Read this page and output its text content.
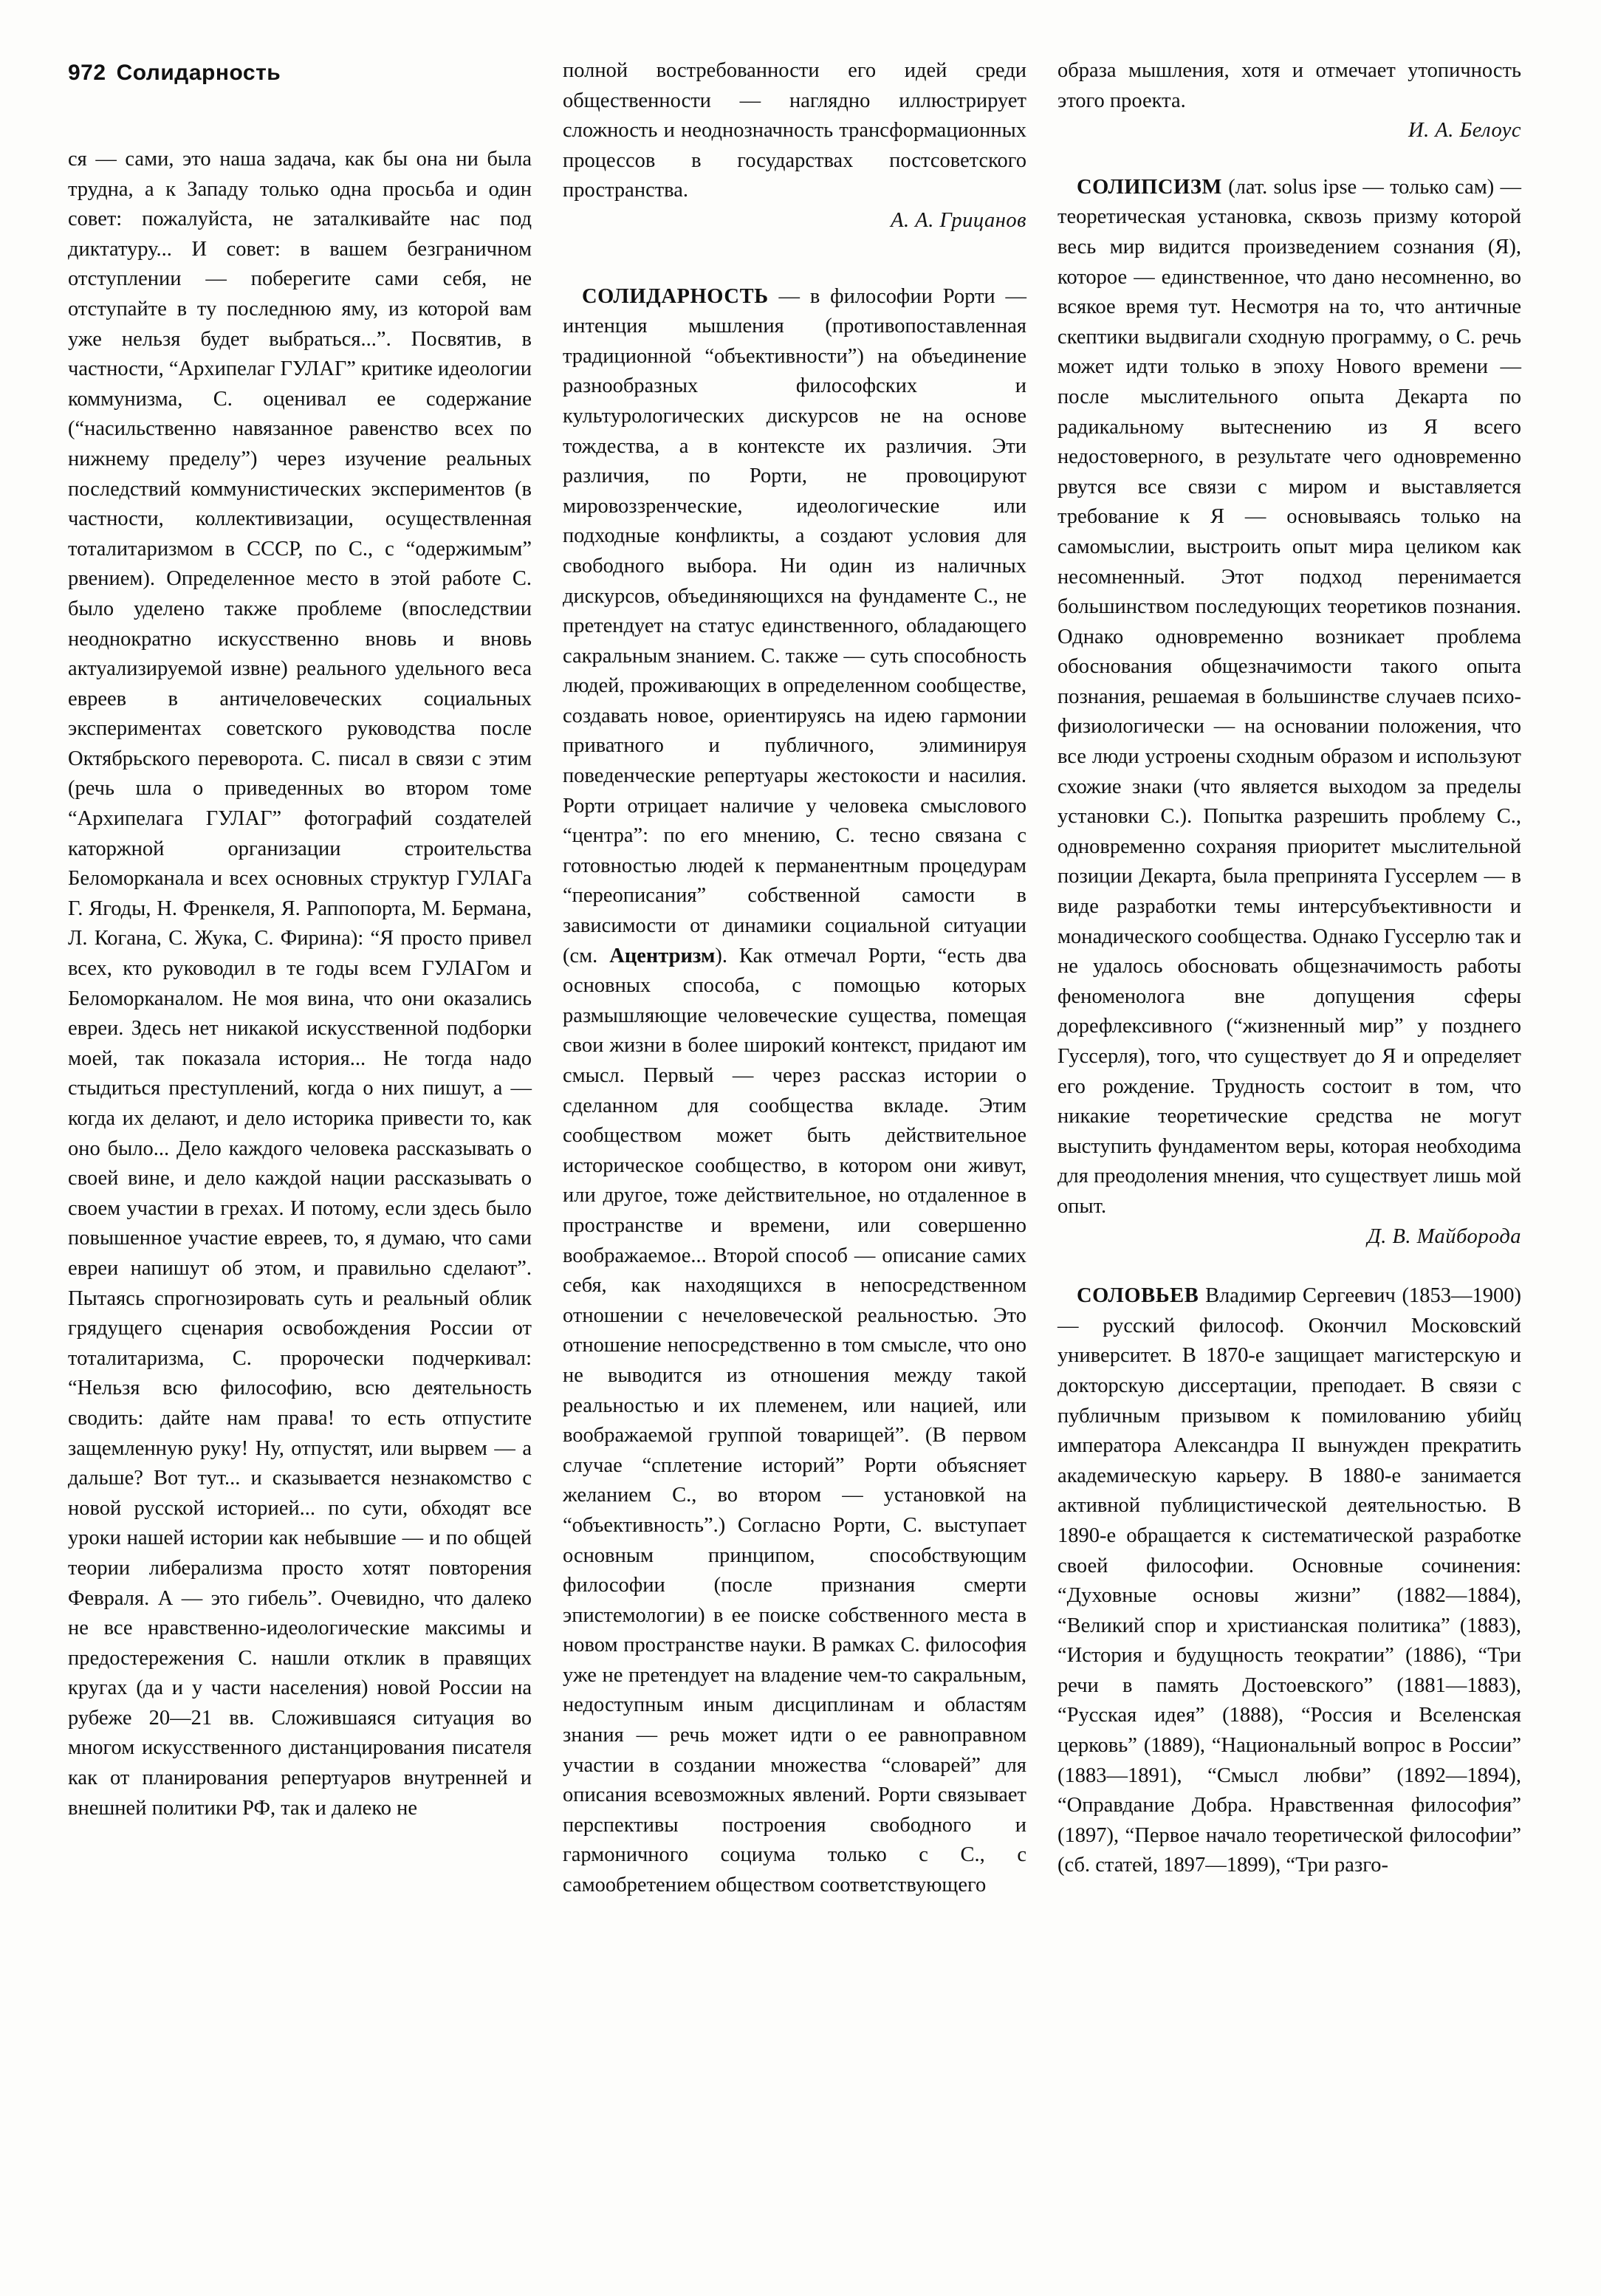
972 Солидарность

ся — сами, это наша задача, как бы она ни была трудна, а к Западу только одна просьба и один совет: пожалуйста, не заталкивайте нас под диктатуру... И совет: в вашем безграничном отступлении — поберегите сами себя, не отступайте в ту последнюю яму, из которой вам уже нельзя будет выбраться...”. Посвятив, в частности, “Архипелаг ГУЛАГ” критике идеологии коммунизма, С. оценивал ее содержание (“насильственно навязанное равенство всех по нижнему пределу”) через изучение реальных последствий коммунистических экспериментов (в частности, коллективизации, осуществленная тоталитаризмом в СССР, по С., с “одержимым” рвением). Определенное место в этой работе С. было уделено также проблеме (впоследствии неоднократно искусственно вновь и вновь актуализируемой извне) реального удельного веса евреев в античеловеческих социальных экспериментах советского руководства после Октябрьского переворота. С. писал в связи с этим (речь шла о приведенных во втором томе “Архипелага ГУЛАГ” фотографий создателей каторжной организации строительства Беломорканала и всех основных структур ГУЛАГа Г. Ягоды, Н. Френкеля, Я. Раппопорта, М. Бермана, Л. Когана, С. Жука, С. Фирина): “Я просто привел всех, кто руководил в те годы всем ГУЛАГом и Беломорканалом. Не моя вина, что они оказались евреи. Здесь нет никакой искусственной подборки моей, так показала история... Не тогда надо стыдиться преступлений, когда о них пишут, а — когда их делают, и дело историка привести то, как оно было... Дело каждого человека рассказывать о своей вине, и дело каждой нации рассказывать о своем участии в грехах. И потому, если здесь было повышенное участие евреев, то, я думаю, что сами евреи напишут об этом, и правильно сделают”. Пытаясь спрогнозировать суть и реальный облик грядущего сценария освобождения России от тоталитаризма, С. пророчески подчеркивал: “Нельзя всю философию, всю деятельность сводить: дайте нам права! то есть отпустите защемленную руку! Ну, отпустят, или вырвем — а дальше? Вот тут... и сказывается незнакомство с новой русской историей... по сути, обходят все уроки нашей истории как небывшие — и по общей теории либерализма просто хотят повторения Февраля. А — это гибель”. Очевидно, что далеко не все нравственно-идеологические максимы и предостережения С. нашли отклик в правящих кругах (да и у части населения) новой России на рубеже 20—21 вв. Сложившаяся ситуация во многом искусственного дистанцирования писателя как от планирования репертуаров внутренней и внешней политики РФ, так и далеко не

полной востребованности его идей среди общественности — наглядно иллюстрирует сложность и неоднозначность трансформационных процессов в государствах постсоветского пространства.

А. А. Грицанов

СОЛИДАРНОСТЬ — в философии Рорти — интенция мышления (противопоставленная традиционной “объективности”) на объединение разнообразных философских и культурологических дискурсов не на основе тождества, а в контексте их различия. Эти различия, по Рорти, не провоцируют мировоззренческие, идеологические или подходные конфликты, а создают условия для свободного выбора. Ни один из наличных дискурсов, объединяющихся на фундаменте С., не претендует на статус единственного, обладающего сакральным знанием. С. также — суть способность людей, проживающих в определенном сообществе, создавать новое, ориентируясь на идею гармонии приватного и публичного, элиминируя поведенческие репертуары жестокости и насилия. Рорти отрицает наличие у человека смыслового “центра”: по его мнению, С. тесно связана с готовностью людей к перманентным процедурам “переописания” собственной самости в зависимости от динамики социальной ситуации (см. Ацентризм). Как отмечал Рорти, “есть два основных способа, с помощью которых размышляющие человеческие существа, помещая свои жизни в более широкий контекст, придают им смысл. Первый — через рассказ истории о сделанном для сообщества вкладе. Этим сообществом может быть действительное историческое сообщество, в котором они живут, или другое, тоже действительное, но отдаленное в пространстве и времени, или совершенно воображаемое... Второй способ — описание самих себя, как находящихся в непосредственном отношении с нечеловеческой реальностью. Это отношение непосредственно в том смысле, что оно не выводится из отношения между такой реальностью и их племенем, или нацией, или воображаемой группой товарищей”. (В первом случае “сплетение историй” Рорти объясняет желанием С., во втором — установкой на “объективность”.) Согласно Рорти, С. выступает основным принципом, способствующим философии (после признания смерти эпистемологии) в ее поиске собственного места в новом пространстве науки. В рамках С. философия уже не претендует на владение чем-то сакральным, недоступным иным дисциплинам и областям знания — речь может идти о ее равноправном участии в создании множества “словарей” для описания всевозможных явлений. Рорти связывает перспективы построения свободного и гармоничного социума только с С., с самообретением обществом соответствующего

образа мышления, хотя и отмечает утопичность этого проекта.

И. А. Белоус

СОЛИПСИЗМ (лат. solus ipse — только сам) — теоретическая установка, сквозь призму которой весь мир видится произведением сознания (Я), которое — единственное, что дано несомненно, во всякое время тут. Несмотря на то, что античные скептики выдвигали сходную программу, о С. речь может идти только в эпоху Нового времени — после мыслительного опыта Декарта по радикальному вытеснению из Я всего недостоверного, в результате чего одновременно рвутся все связи с миром и выставляется требование к Я — основываясь только на самомыслии, выстроить опыт мира целиком как несомненный. Этот подход перенимается большинством последующих теоретиков познания. Однако одновременно возникает проблема обоснования общезначимости такого опыта познания, решаемая в большинстве случаев психо-физиологически — на основании положения, что все люди устроены сходным образом и используют схожие знаки (что является выходом за пределы установки С.). Попытка разрешить проблему С., одновременно сохраняя приоритет мыслительной позиции Декарта, была препринята Гуссерлем — в виде разработки темы интерсубъективности и монадического сообщества. Однако Гуссерлю так и не удалось обосновать общезначимость работы феноменолога вне допущения сферы дорефлексивного (“жизненный мир” у позднего Гуссерля), того, что существует до Я и определяет его рождение. Трудность состоит в том, что никакие теоретические средства не могут выступить фундаментом веры, которая необходима для преодоления мнения, что существует лишь мой опыт.

Д. В. Майборода

СОЛОВЬЕВ Владимир Сергеевич (1853—1900) — русский философ. Окончил Московский университет. В 1870-е защищает магистерскую и докторскую диссертации, преподает. В связи с публичным призывом к помилованию убийц императора Александра II вынужден прекратить академическую карьеру. В 1880-е занимается активной публицистической деятельностью. В 1890-е обращается к систематической разработке своей философии. Основные сочинения: “Духовные основы жизни” (1882—1884), “Великий спор и христианская политика” (1883), “История и будущность теократии” (1886), “Три речи в память Достоевского” (1881—1883), “Русская идея” (1888), “Россия и Вселенская церковь” (1889), “Национальный вопрос в России” (1883—1891), “Смысл любви” (1892—1894), “Оправдание Добра. Нравственная философия” (1897), “Первое начало теоретической философии” (сб. статей, 1897—1899), “Три разго-
